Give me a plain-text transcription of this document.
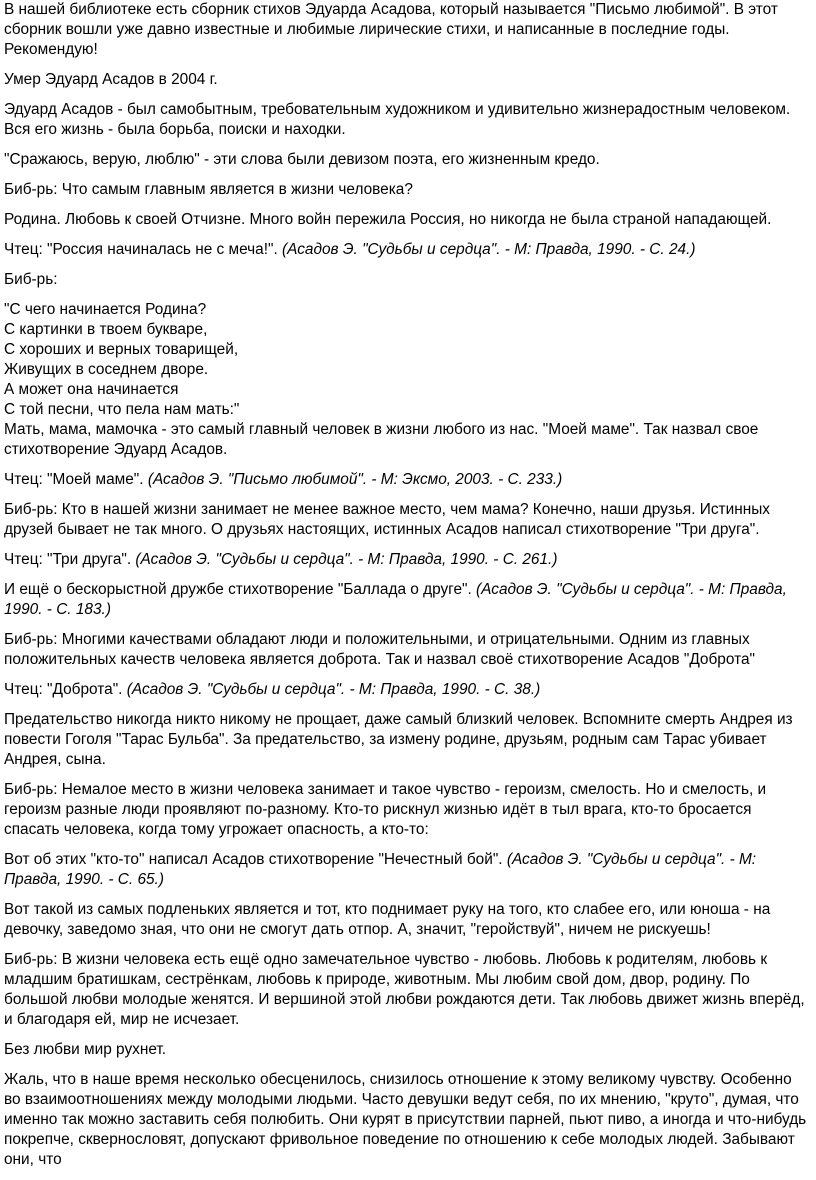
В нашей библиотеке есть сборник стихов Эдуарда Асадова, который называется "Письмо любимой". В этот сборник вошли уже давно известные и любимые лирические стихи, и написанные в последние годы. Рекомендую!

Умер Эдуард Асадов в 2004 г.

Эдуард Асадов - был самобытным, требовательным художником и удивительно жизнерадостным человеком. Вся его жизнь - была борьба, поиски и находки.

"Сражаюсь, верую, люблю" - эти слова были девизом поэта, его жизненным кредо.

Биб-рь: Что самым главным является в жизни человека?

Родина. Любовь к своей Отчизне. Много войн пережила Россия, но никогда не была страной нападающей.

Чтец: "Россия начиналась не с меча!". (Асадов Э. "Судьбы и сердца". - М: Правда, 1990. - С. 24.)

Биб-рь:

"С чего начинается Родина?
С картинки в твоем букваре,
С хороших и верных товарищей,
Живущих в соседнем дворе.
А может она начинается
С той песни, что пела нам мать:"
Мать, мама, мамочка - это самый главный человек в жизни любого из нас. "Моей маме". Так назвал свое стихотворение Эдуард Асадов.

Чтец: "Моей маме". (Асадов Э. "Письмо любимой". - М: Эксмо, 2003. - С. 233.)

Биб-рь: Кто в нашей жизни занимает не менее важное место, чем мама? Конечно, наши друзья. Истинных друзей бывает не так много. О друзьях настоящих, истинных Асадов написал стихотворение "Три друга".

Чтец: "Три друга". (Асадов Э. "Судьбы и сердца". - М: Правда, 1990. - С. 261.)

И ещё о бескорыстной дружбе стихотворение "Баллада о друге". (Асадов Э. "Судьбы и сердца". - М: Правда, 1990. - С. 183.)

Биб-рь: Многими качествами обладают люди и положительными, и отрицательными. Одним из главных положительных качеств человека является доброта. Так и назвал своё стихотворение Асадов "Доброта"

Чтец: "Доброта". (Асадов Э. "Судьбы и сердца". - М: Правда, 1990. - С. 38.)

Предательство никогда никто никому не прощает, даже самый близкий человек. Вспомните смерть Андрея из повести Гоголя "Тарас Бульба". За предательство, за измену родине, друзьям, родным сам Тарас убивает Андрея, сына.

Биб-рь: Немалое место в жизни человека занимает и такое чувство - героизм, смелость. Но и смелость, и героизм разные люди проявляют по-разному. Кто-то рискнул жизнью идёт в тыл врага, кто-то бросается спасать человека, когда тому угрожает опасность, а кто-то:

Вот об этих "кто-то" написал Асадов стихотворение "Нечестный бой". (Асадов Э. "Судьбы и сердца". - М: Правда, 1990. - С. 65.)

Вот такой из самых подленьких является и тот, кто поднимает руку на того, кто слабее его, или юноша - на девочку, заведомо зная, что они не смогут дать отпор. А, значит, "геройствуй", ничем не рискуешь!

Биб-рь: В жизни человека есть ещё одно замечательное чувство - любовь. Любовь к родителям, любовь к младшим братишкам, сестрёнкам, любовь к природе, животным. Мы любим свой дом, двор, родину. По большой любви молодые женятся. И вершиной этой любви рождаются дети. Так любовь движет жизнь вперёд, и благодаря ей, мир не исчезает.

Без любви мир рухнет.

Жаль, что в наше время несколько обесценилось, снизилось отношение к этому великому чувству. Особенно во взаимоотношениях между молодыми людьми. Часто девушки ведут себя, по их мнению, "круто", думая, что именно так можно заставить себя полюбить. Они курят в присутствии парней, пьют пиво, а иногда и что-нибудь покрепче, сквернословят, допускают фривольное поведение по отношению к себе молодых людей. Забывают они, что
